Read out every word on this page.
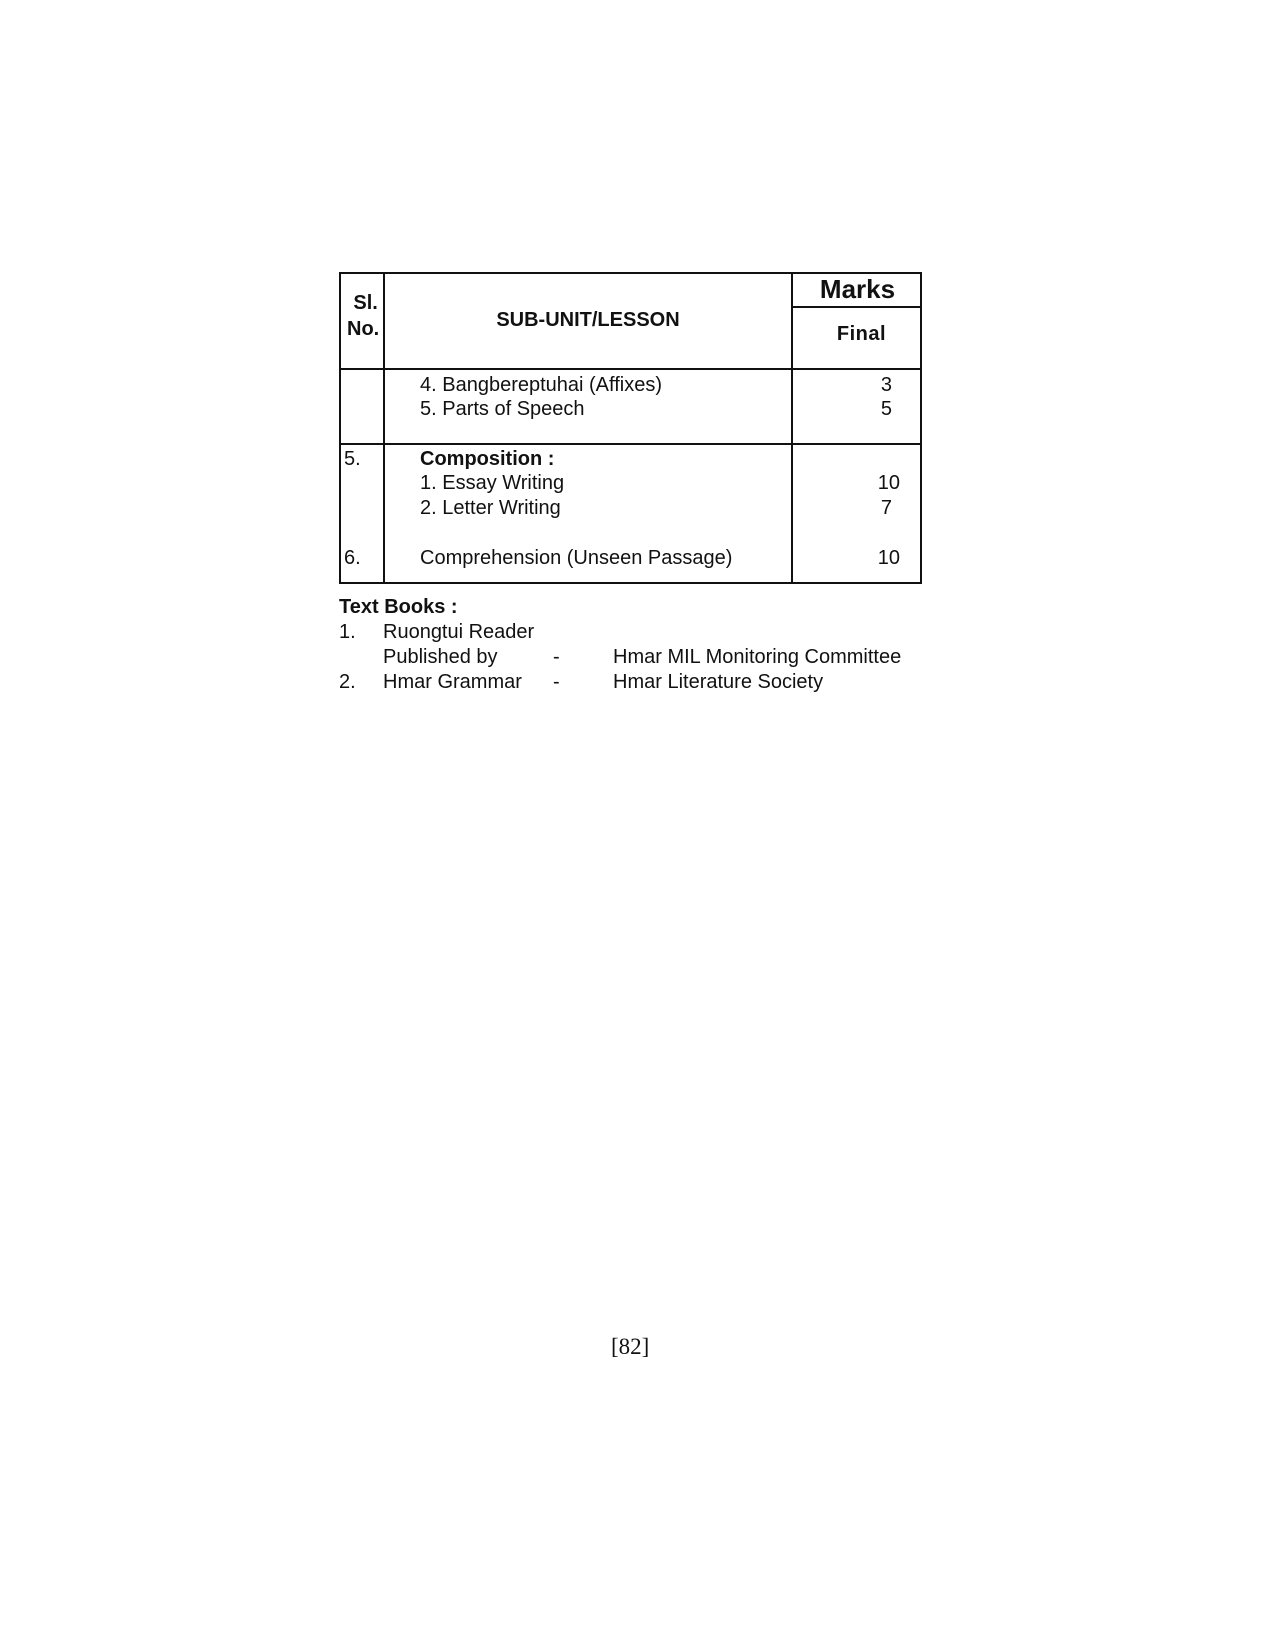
Sl.
No.	SUB-UNIT/LESSON
Marks
Final
4. Bangbereptuhai (Affixes)	3
5. Parts of Speech	5
5.	Composition :
1. Essay Writing	10
2. Letter Writing	7
6.	Comprehension (Unseen Passage)	10
Text Books :
1. Ruongtui Reader
Published by	-	Hmar MIL Monitoring Committee
2. Hmar Grammar -	Hmar Literature Society
[82]
